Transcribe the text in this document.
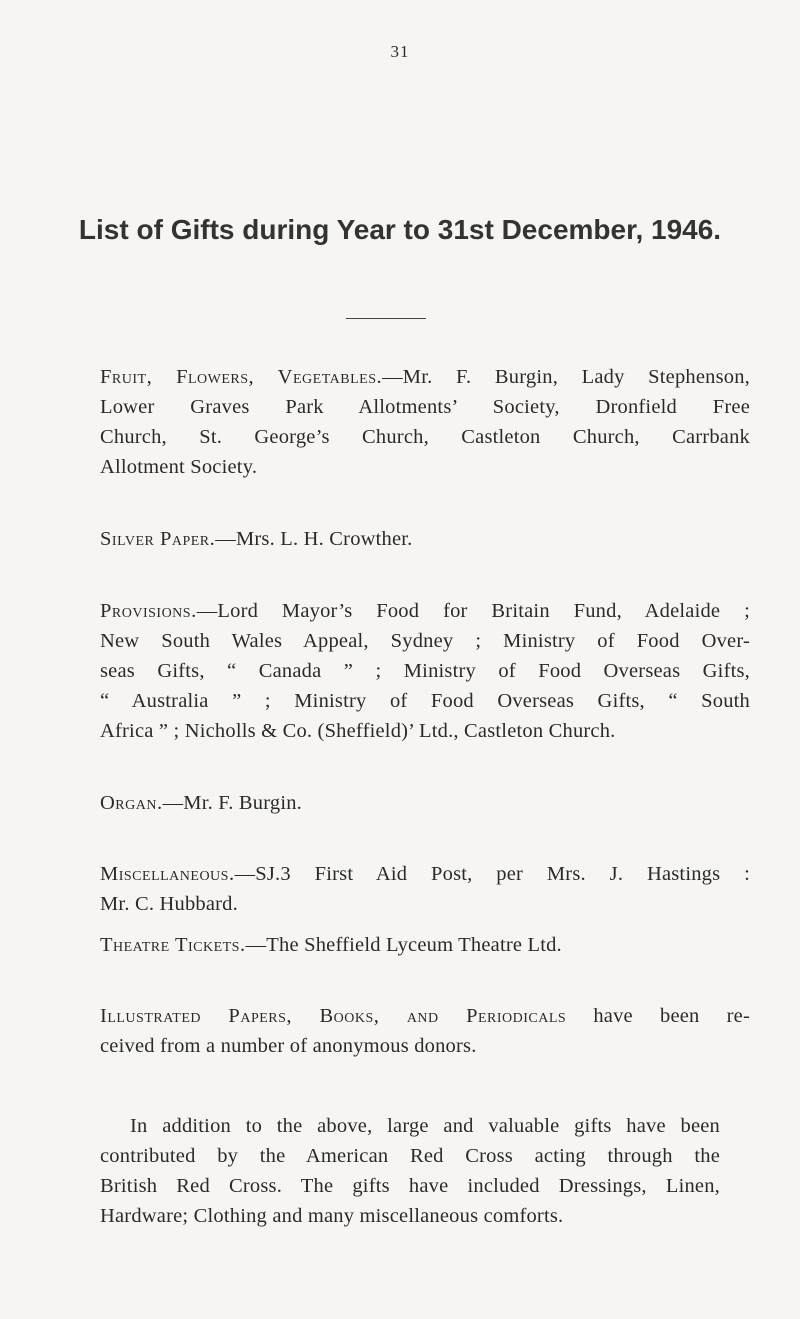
31
List of Gifts during Year to 31st December, 1946.
Fruit, Flowers, Vegetables.—Mr. F. Burgin, Lady Stephenson,
Lower Graves Park Allotments’ Society, Dronfield Free
Church, St. George’s Church, Castleton Church, Carrbank
Allotment Society.
Silver Paper.—Mrs. L. H. Crowther.
Provisions.—Lord Mayor’s Food for Britain Fund, Adelaide ;
New South Wales Appeal, Sydney ; Ministry of Food Over-
seas Gifts, “ Canada ” ; Ministry of Food Overseas Gifts,
“ Australia ” ; Ministry of Food Overseas Gifts, “ South
Africa ” ; Nicholls & Co. (Sheffield)’ Ltd., Castleton Church.
Organ.—Mr. F. Burgin.
Miscellaneous.—SJ.3 First Aid Post, per Mrs. J. Hastings :
Mr. C. Hubbard.
Theatre Tickets.—The Sheffield Lyceum Theatre Ltd.
Illustrated Papers, Books, and Periodicals have been re-
ceived from a number of anonymous donors.
In addition to the above, large and valuable gifts have been
contributed by the American Red Cross acting through the
British Red Cross. The gifts have included Dressings, Linen,
Hardware; Clothing and many miscellaneous comforts.
